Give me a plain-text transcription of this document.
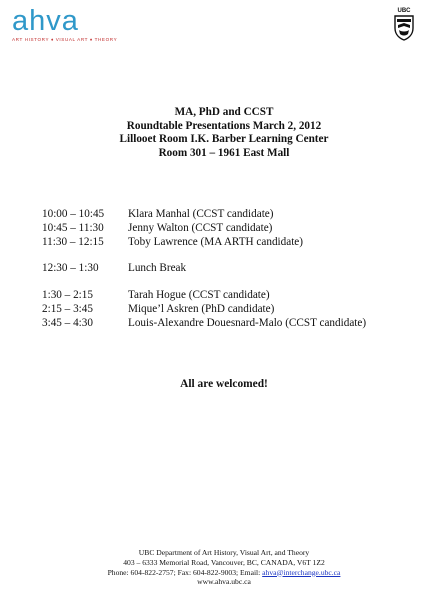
ahva
ART HISTORY ♦ VISUAL ART ♦ THEORY
UBC
MA, PhD and CCST
Roundtable Presentations March 2, 2012
Lillooet Room I.K. Barber Learning Center
Room 301 – 1961 East Mall
10:00 – 10:45	Klara Manhal (CCST candidate)
10:45 – 11:30	Jenny Walton (CCST candidate)
11:30 – 12:15	Toby Lawrence (MA ARTH candidate)
12:30 – 1:30	Lunch Break
1:30 – 2:15	Tarah Hogue (CCST candidate)
2:15 – 3:45	Mique’l Askren (PhD candidate)
3:45 – 4:30	Louis-Alexandre Douesnard-Malo (CCST candidate)
All are welcomed!
UBC Department of Art History, Visual Art, and Theory
403 – 6333 Memorial Road, Vancouver, BC, CANADA, V6T 1Z2
Phone: 604-822-2757; Fax: 604-822-9003; Email: ahva@interchange.ubc.ca
www.ahva.ubc.ca
